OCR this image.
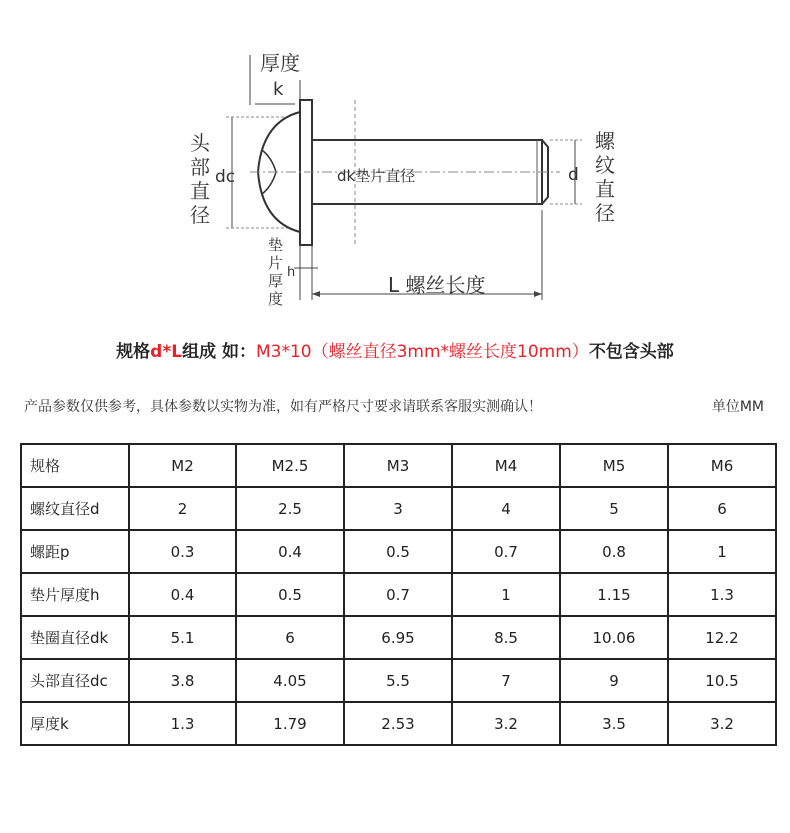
厚度
k
头
部
直
径
dc	dk垫片直径	d
螺
纹
直
径
垫
片
厚
度
h
L 螺丝长度
规格d*L组成 如：M3*10（螺丝直径3mm*螺丝长度10mm）不包含头部
产品参数仅供参考，具体参数以实物为准，如有严格尺寸要求请联系客服实测确认！	单位MM
规格	M2	M2.5	M3	M4	M5	M6
螺纹直径d	2	2.5	3	4	5	6
螺距p	0.3	0.4	0.5	0.7	0.8	1
垫片厚度h	0.4	0.5	0.7	1	1.15	1.3
垫圈直径dk	5.1	6	6.95	8.5	10.06	12.2
头部直径dc	3.8	4.05	5.5	7	9	10.5
厚度k	1.3	1.79	2.53	3.2	3.5	3.2
